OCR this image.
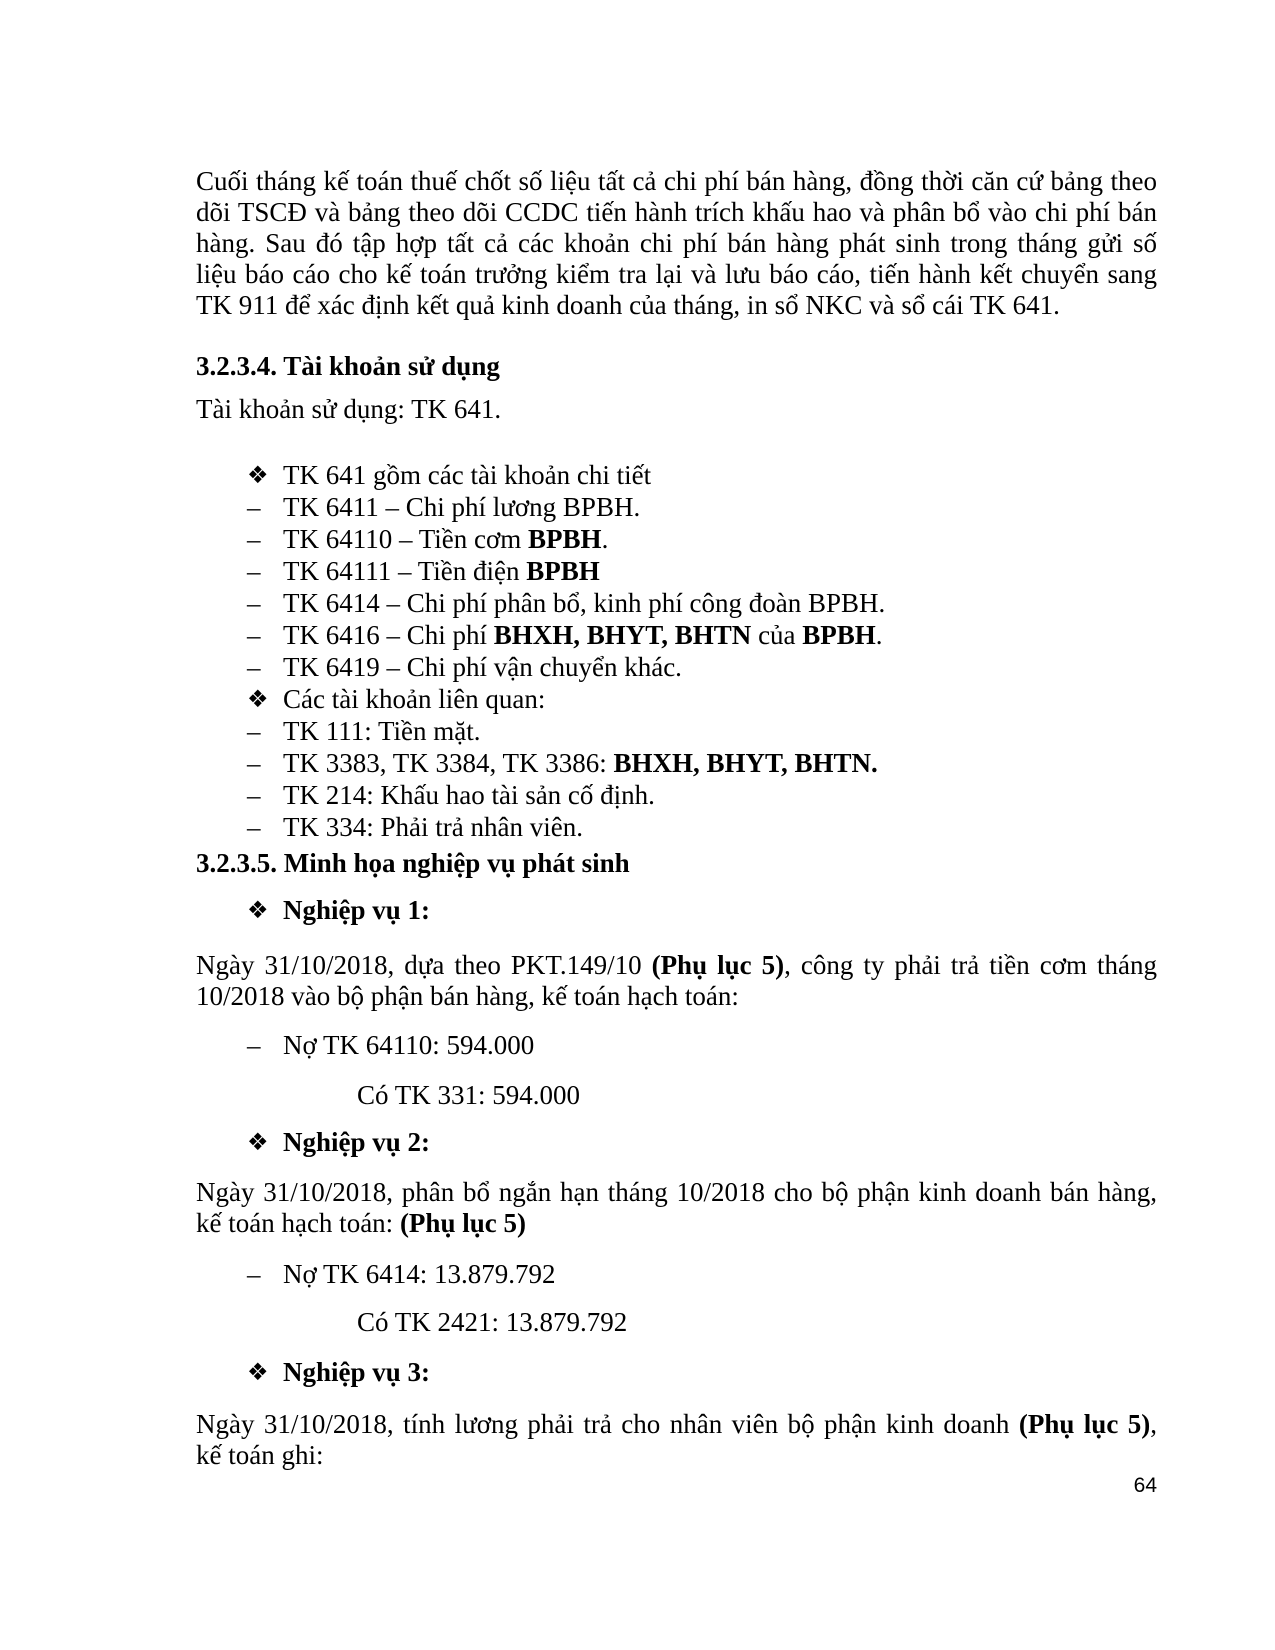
Cuối tháng kế toán thuế chốt số liệu tất cả chi phí bán hàng, đồng thời căn cứ bảng theo
dõi TSCĐ và bảng theo dõi CCDC tiến hành trích khấu hao và phân bổ vào chi phí bán
hàng. Sau đó tập hợp tất cả các khoản chi phí bán hàng phát sinh trong tháng gửi số
liệu báo cáo cho kế toán trưởng kiểm tra lại và lưu báo cáo, tiến hành kết chuyển sang
TK 911 để xác định kết quả kinh doanh của tháng, in sổ NKC và sổ cái TK 641.
3.2.3.4. Tài khoản sử dụng
Tài khoản sử dụng: TK 641.
❖ TK 641 gồm các tài khoản chi tiết
– TK 6411 – Chi phí lương BPBH.
– TK 64110 – Tiền cơm BPBH.
– TK 64111 – Tiền điện BPBH
– TK 6414 – Chi phí phân bổ, kinh phí công đoàn BPBH.
– TK 6416 – Chi phí BHXH, BHYT, BHTN của BPBH.
– TK 6419 – Chi phí vận chuyển khác.
❖ Các tài khoản liên quan:
– TK 111: Tiền mặt.
– TK 3383, TK 3384, TK 3386: BHXH, BHYT, BHTN.
– TK 214: Khấu hao tài sản cố định.
– TK 334: Phải trả nhân viên.
3.2.3.5. Minh họa nghiệp vụ phát sinh
❖ Nghiệp vụ 1:
Ngày 31/10/2018, dựa theo PKT.149/10 (Phụ lục 5), công ty phải trả tiền cơm tháng
10/2018 vào bộ phận bán hàng, kế toán hạch toán:
– Nợ TK 64110: 594.000
Có TK 331: 594.000
❖ Nghiệp vụ 2:
Ngày 31/10/2018, phân bổ ngắn hạn tháng 10/2018 cho bộ phận kinh doanh bán hàng,
kế toán hạch toán: (Phụ lục 5)
– Nợ TK 6414: 13.879.792
Có TK 2421: 13.879.792
❖ Nghiệp vụ 3:
Ngày 31/10/2018, tính lương phải trả cho nhân viên bộ phận kinh doanh (Phụ lục 5),
kế toán ghi:
64
